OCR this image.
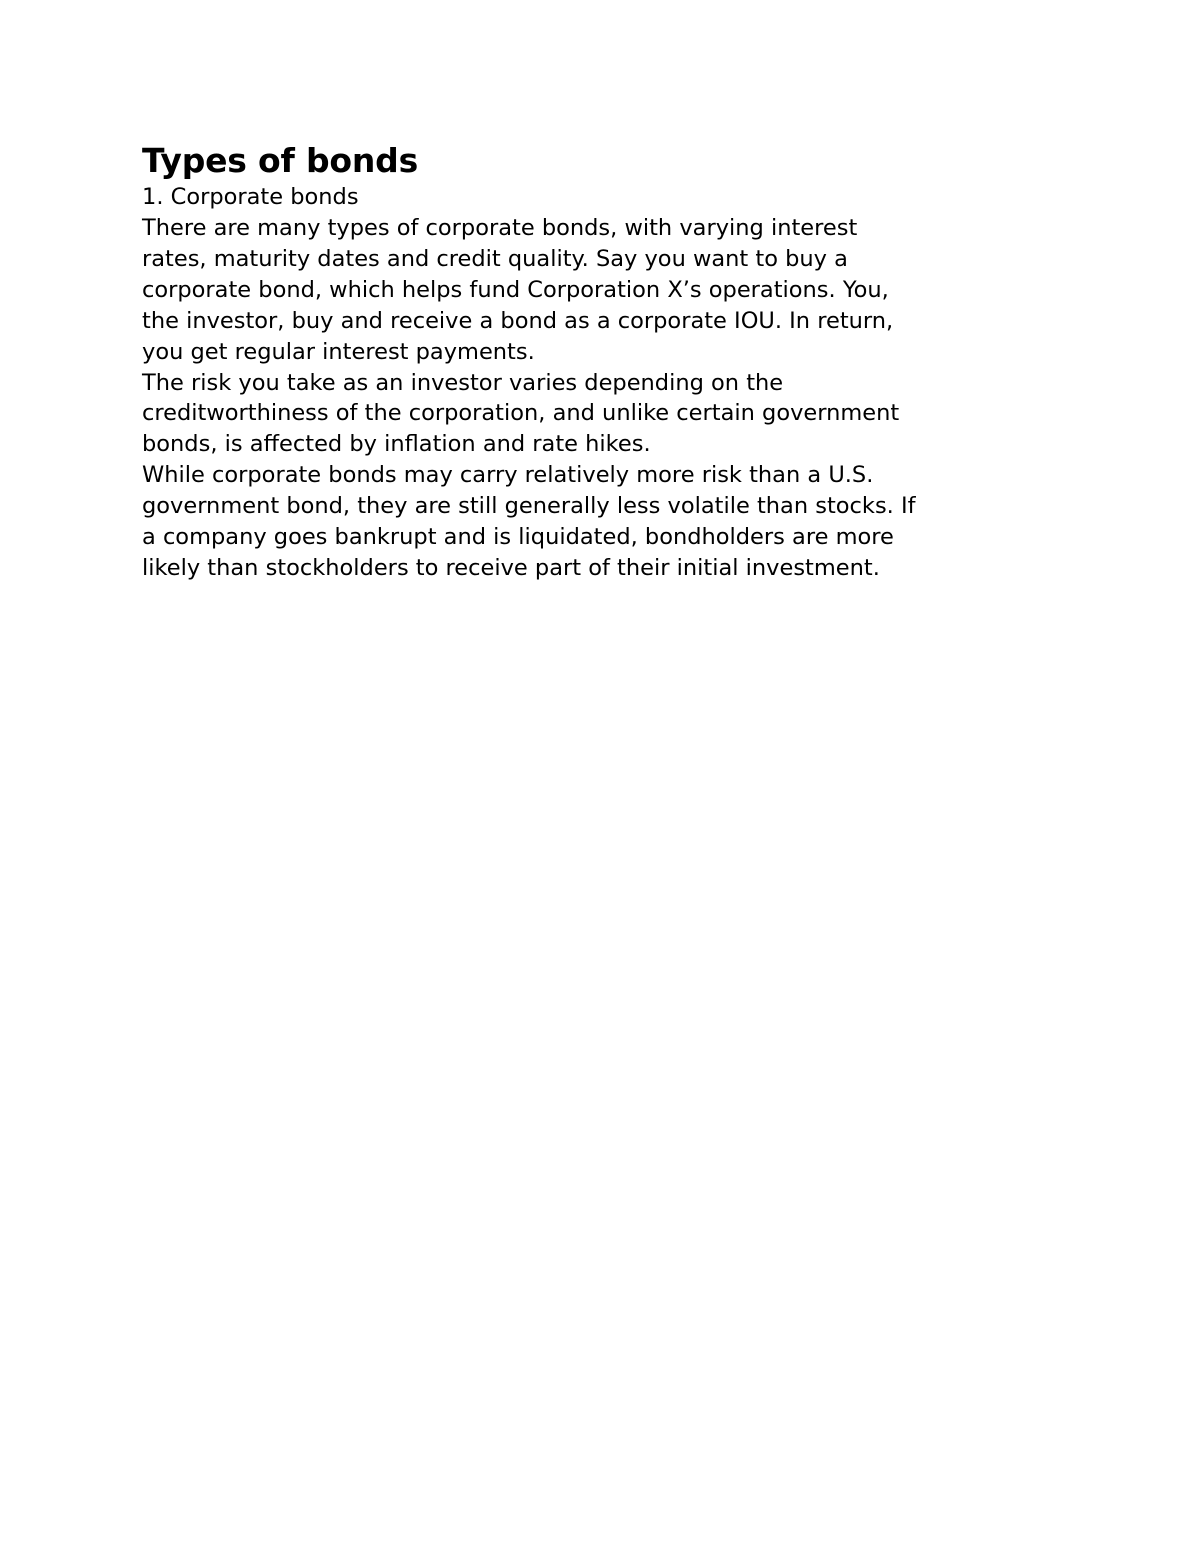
Types of bonds

1. Corporate bonds

There are many types of corporate bonds, with varying interest
rates, maturity dates and credit quality. Say you want to buy a
corporate bond, which helps fund Corporation X’s operations. You,
the investor, buy and receive a bond as a corporate IOU. In return,
you get regular interest payments.

The risk you take as an investor varies depending on the
creditworthiness of the corporation, and unlike certain government
bonds, is affected by inflation and rate hikes.

While corporate bonds may carry relatively more risk than a U.S.
government bond, they are still generally less volatile than stocks. If
a company goes bankrupt and is liquidated, bondholders are more
likely than stockholders to receive part of their initial investment.
